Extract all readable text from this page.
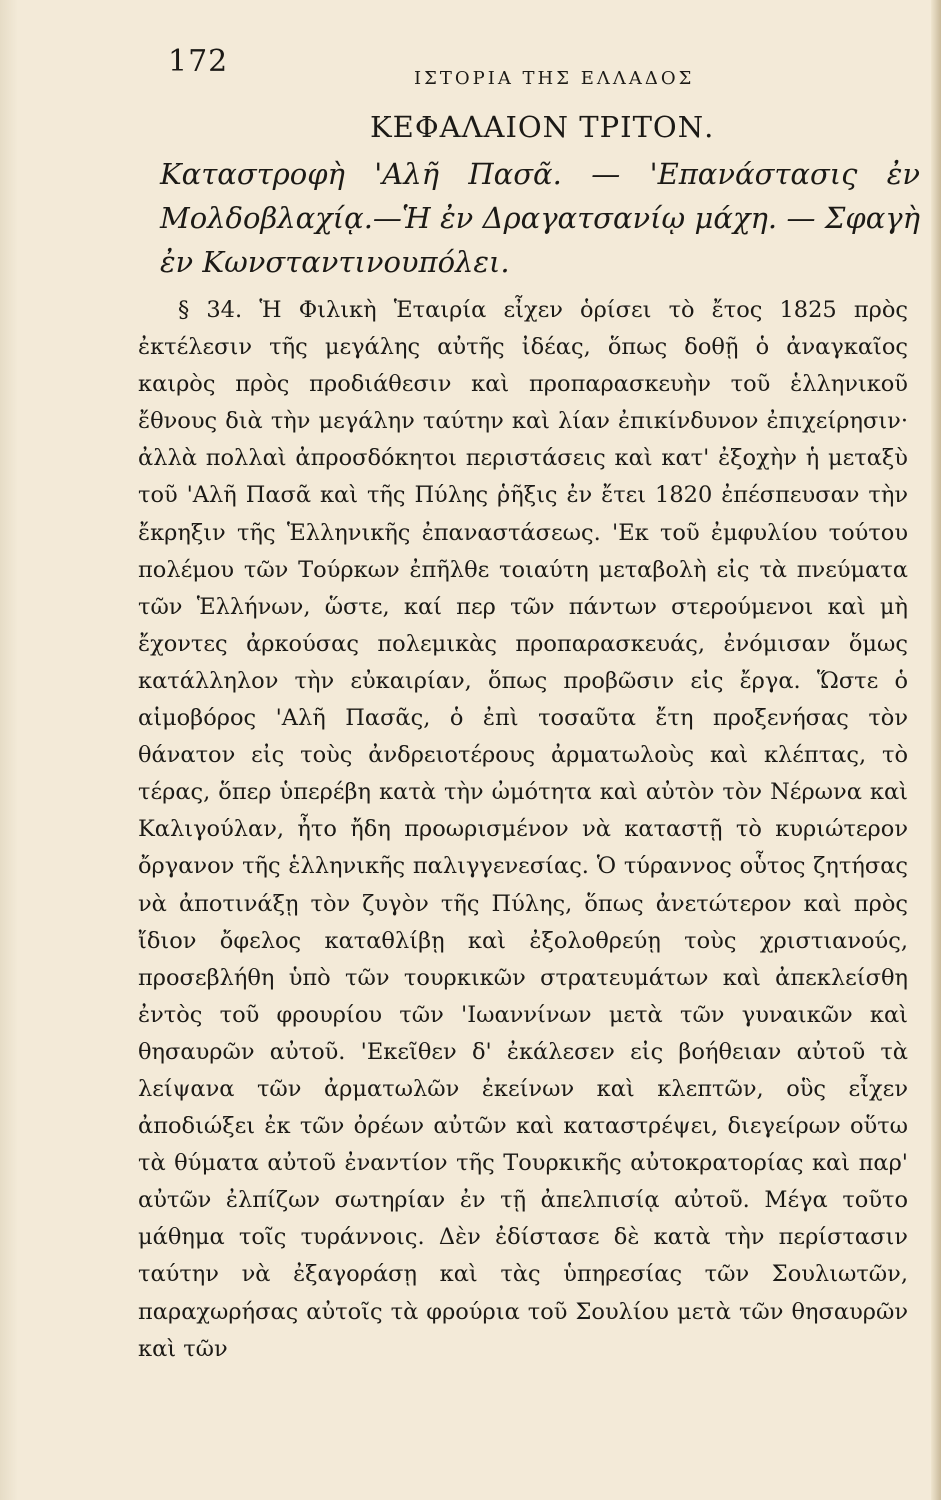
172	ΙΣΤΟΡΙΑ ΤΗΣ ΕΛΛΑΔΟΣ
ΚΕΦΑΛΑΙΟΝ ΤΡΙΤΟΝ.
Καταστροφὴ 'Αλῆ Πασᾶ. — 'Επανάστασις ἐν Μολδοβλαχίᾳ.—Ἡ ἐν Δραγατσανίῳ μάχη. — Σφαγὴ ἐν Κωνσταντινουπόλει.
§ 34. Ἡ Φιλικὴ Ἑταιρία εἶχεν ὁρίσει τὸ ἔτος 1825 πρὸς ἐκτέλεσιν τῆς μεγάλης αὐτῆς ἰδέας, ὅπως δοθῇ ὁ ἀναγκαῖος καιρὸς πρὸς προδιάθεσιν καὶ προπαρασκευὴν τοῦ ἑλληνικοῦ ἔθνους διὰ τὴν μεγάλην ταύτην καὶ λίαν ἐπικίνδυνον ἐπιχείρησιν· ἀλλὰ πολλαὶ ἀπροσδόκητοι περιστάσεις καὶ κατ' ἐξοχὴν ἡ μεταξὺ τοῦ 'Αλῆ Πασᾶ καὶ τῆς Πύλης ῥῆξις ἐν ἔτει 1820 ἐπέσπευσαν τὴν ἔκρηξιν τῆς Ἑλληνικῆς ἐπαναστάσεως. 'Εκ τοῦ ἐμφυλίου τούτου πολέμου τῶν Τούρκων ἐπῆλθε τοιαύτη μεταβολὴ εἰς τὰ πνεύματα τῶν Ἑλλήνων, ὥστε, καί περ τῶν πάντων στερούμενοι καὶ μὴ ἔχοντες ἀρκούσας πολεμικὰς προπαρασκευάς, ἐνόμισαν ὅμως κατάλληλον τὴν εὐκαιρίαν, ὅπως προβῶσιν εἰς ἔργα. Ὥστε ὁ αἱμοβόρος 'Αλῆ Πασᾶς, ὁ ἐπὶ τοσαῦτα ἔτη προξενήσας τὸν θάνατον εἰς τοὺς ἀνδρειοτέρους ἀρματωλοὺς καὶ κλέπτας, τὸ τέρας, ὅπερ ὑπερέβη κατὰ τὴν ὠμότητα καὶ αὐτὸν τὸν Νέρωνα καὶ Καλιγούλαν, ἦτο ἤδη προωρισμένον νὰ καταστῇ τὸ κυριώτερον ὄργανον τῆς ἑλληνικῆς παλιγγενεσίας. Ὁ τύραννος οὗτος ζητήσας νὰ ἀποτινάξῃ τὸν ζυγὸν τῆς Πύλης, ὅπως ἀνετώτερον καὶ πρὸς ἴδιον ὄφελος καταθλίβῃ καὶ ἐξολοθρεύῃ τοὺς χριστιανούς, προσεβλήθη ὑπὸ τῶν τουρκικῶν στρατευμάτων καὶ ἀπεκλείσθη ἐντὸς τοῦ φρουρίου τῶν 'Ιωαννίνων μετὰ τῶν γυναικῶν καὶ θησαυρῶν αὐτοῦ. 'Εκεῖθεν δ' ἐκάλεσεν εἰς βοήθειαν αὐτοῦ τὰ λείψανα τῶν ἀρματωλῶν ἐκείνων καὶ κλεπτῶν, οὓς εἶχεν ἀποδιώξει ἐκ τῶν ὀρέων αὐτῶν καὶ καταστρέψει, διεγείρων οὕτω τὰ θύματα αὐτοῦ ἐναντίον τῆς Τουρκικῆς αὐτοκρατορίας καὶ παρ' αὐτῶν ἐλπίζων σωτηρίαν ἐν τῇ ἀπελπισίᾳ αὐτοῦ. Μέγα τοῦτο μάθημα τοῖς τυράννοις. Δὲν ἐδίστασε δὲ κατὰ τὴν περίστασιν ταύτην νὰ ἐξαγοράσῃ καὶ τὰς ὑπηρεσίας τῶν Σουλιωτῶν, παραχωρήσας αὐτοῖς τὰ φρούρια τοῦ Σουλίου μετὰ τῶν θησαυρῶν καὶ τῶν
